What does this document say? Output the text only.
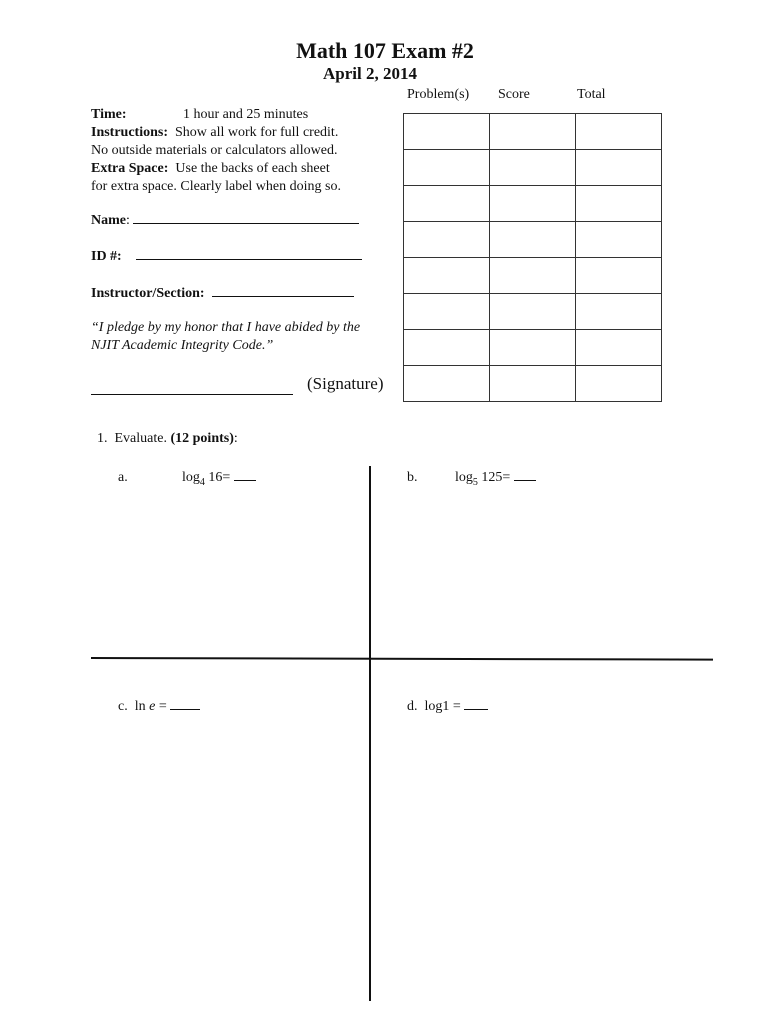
Math 107 Exam #2
April 2, 2014
Time:	1 hour and 25 minutes
Instructions: Show all work for full credit.
No outside materials or calculators allowed.
Extra Space: Use the backs of each sheet
for extra space. Clearly label when doing so.
Name:
ID #:
Instructor/Section:
“I pledge by my honor that I have abided by the
NJIT Academic Integrity Code.”
(Signature)
Problem(s) Score	Total

1. Evaluate. (12 points):
a.	$\log_4 16=$	b.	$\log_5 125=$
c. ln e =	d. log1 =
